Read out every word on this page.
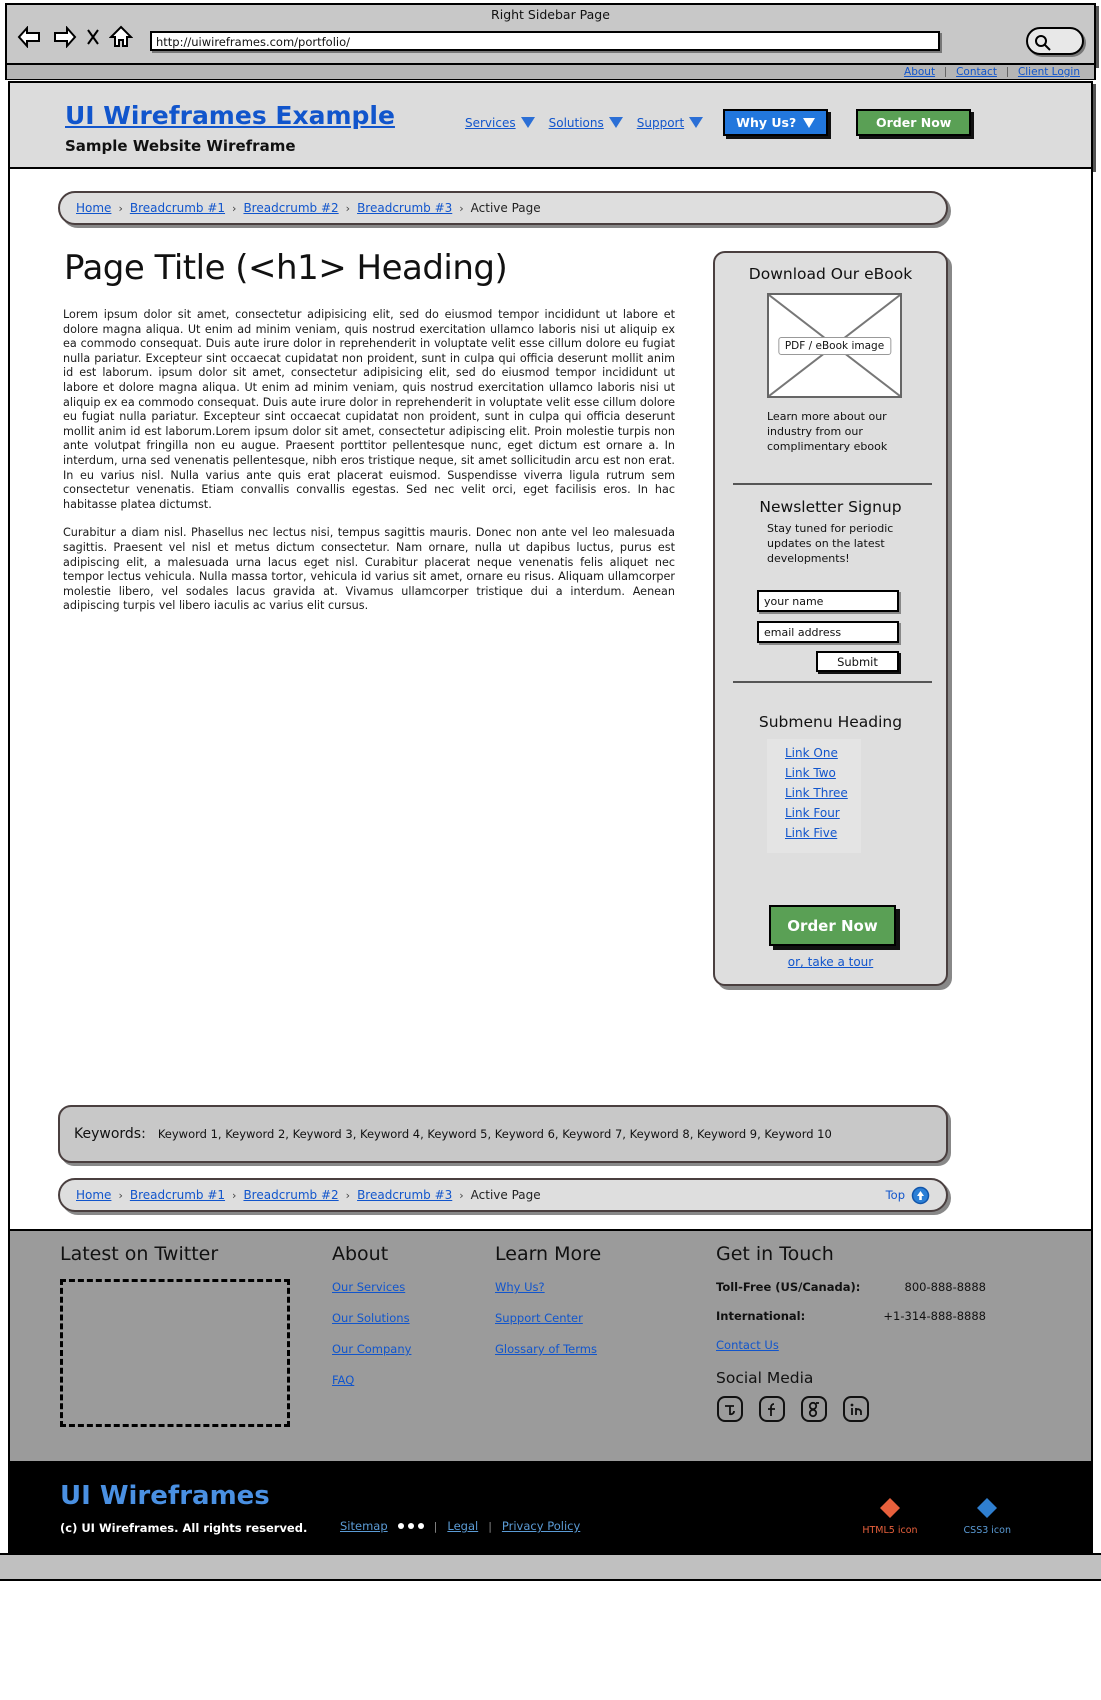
Right Sidebar Page
http://uiwireframes.com/portfolio/
About	Contact	Client Login
UI Wireframes Example
Sample Website Wireframe
Services	Solutions	Support	Why Us?	Order Now
Home › Breadcrumb #1 › Breadcrumb #2 › Breadcrumb #3 › Active Page
Page Title (<h1> Heading)

Lorem ipsum dolor sit amet, consectetur adipisicing elit, sed do eiusmod tempor incididunt ut labore et dolore magna aliqua. Ut enim ad minim veniam, quis nostrud exercitation ullamco laboris nisi ut aliquip ex ea commodo consequat. Duis aute irure dolor in reprehenderit in voluptate velit esse cillum dolore eu fugiat nulla pariatur. Excepteur sint occaecat cupidatat non proident, sunt in culpa qui officia deserunt mollit anim id est laborum. ipsum dolor sit amet, consectetur adipisicing elit, sed do eiusmod tempor incididunt ut labore et dolore magna aliqua. Ut enim ad minim veniam, quis nostrud exercitation ullamco laboris nisi ut aliquip ex ea commodo consequat. Duis aute irure dolor in reprehenderit in voluptate velit esse cillum dolore eu fugiat nulla pariatur. Excepteur sint occaecat cupidatat non proident, sunt in culpa qui officia deserunt mollit anim id est laborum.Lorem ipsum dolor sit amet, consectetur adipiscing elit. Proin molestie turpis non ante volutpat fringilla non eu augue. Praesent porttitor pellentesque nunc, eget dictum est ornare a. In interdum, urna sed venenatis pellentesque, nibh eros tristique neque, sit amet sollicitudin arcu est non erat. In eu varius nisl. Nulla varius ante quis erat placerat euismod. Suspendisse viverra ligula rutrum sem consectetur venenatis. Etiam convallis convallis egestas. Sed nec velit orci, eget facilisis eros. In hac habitasse platea dictumst.

Curabitur a diam nisl. Phasellus nec lectus nisi, tempus sagittis mauris. Donec non ante vel leo malesuada sagittis. Praesent vel nisl et metus dictum consectetur. Nam ornare, nulla ut dapibus luctus, purus est adipiscing elit, a malesuada urna lacus eget nisl. Curabitur placerat neque venenatis felis aliquet nec tempor lectus vehicula. Nulla massa tortor, vehicula id varius sit amet, ornare eu risus. Aliquam ullamcorper molestie libero, vel sodales lacus gravida at. Vivamus ullamcorper tristique dui a interdum. Aenean adipiscing turpis vel libero iaculis ac varius elit cursus.

Download Our eBook
PDF / eBook image
Learn more about our industry from our complimentary ebook
Newsletter Signup
Stay tuned for periodic updates on the latest developments!
your name
email address
Submit
Submenu Heading
Link One
Link Two
Link Three
Link Four
Link Five
Order Now
or, take a tour
Keywords: Keyword 1, Keyword 2, Keyword 3, Keyword 4, Keyword 5, Keyword 6, Keyword 7, Keyword 8, Keyword 9, Keyword 10
Home › Breadcrumb #1 › Breadcrumb #2 › Breadcrumb #3 › Active Page	Top
Latest on Twitter	About
Our Services
Our Solutions
Our Company
FAQ
Learn More
Why Us?
Support Center
Glossary of Terms
Get in Touch
Toll-Free (US/Canada):	800-888-8888
International:	+1-314-888-8888
Contact Us
Social Media
UI Wireframes
(c) UI Wireframes. All rights reserved.	Sitemap	| Legal | Privacy Policy	HTML5 icon	CSS3 icon
